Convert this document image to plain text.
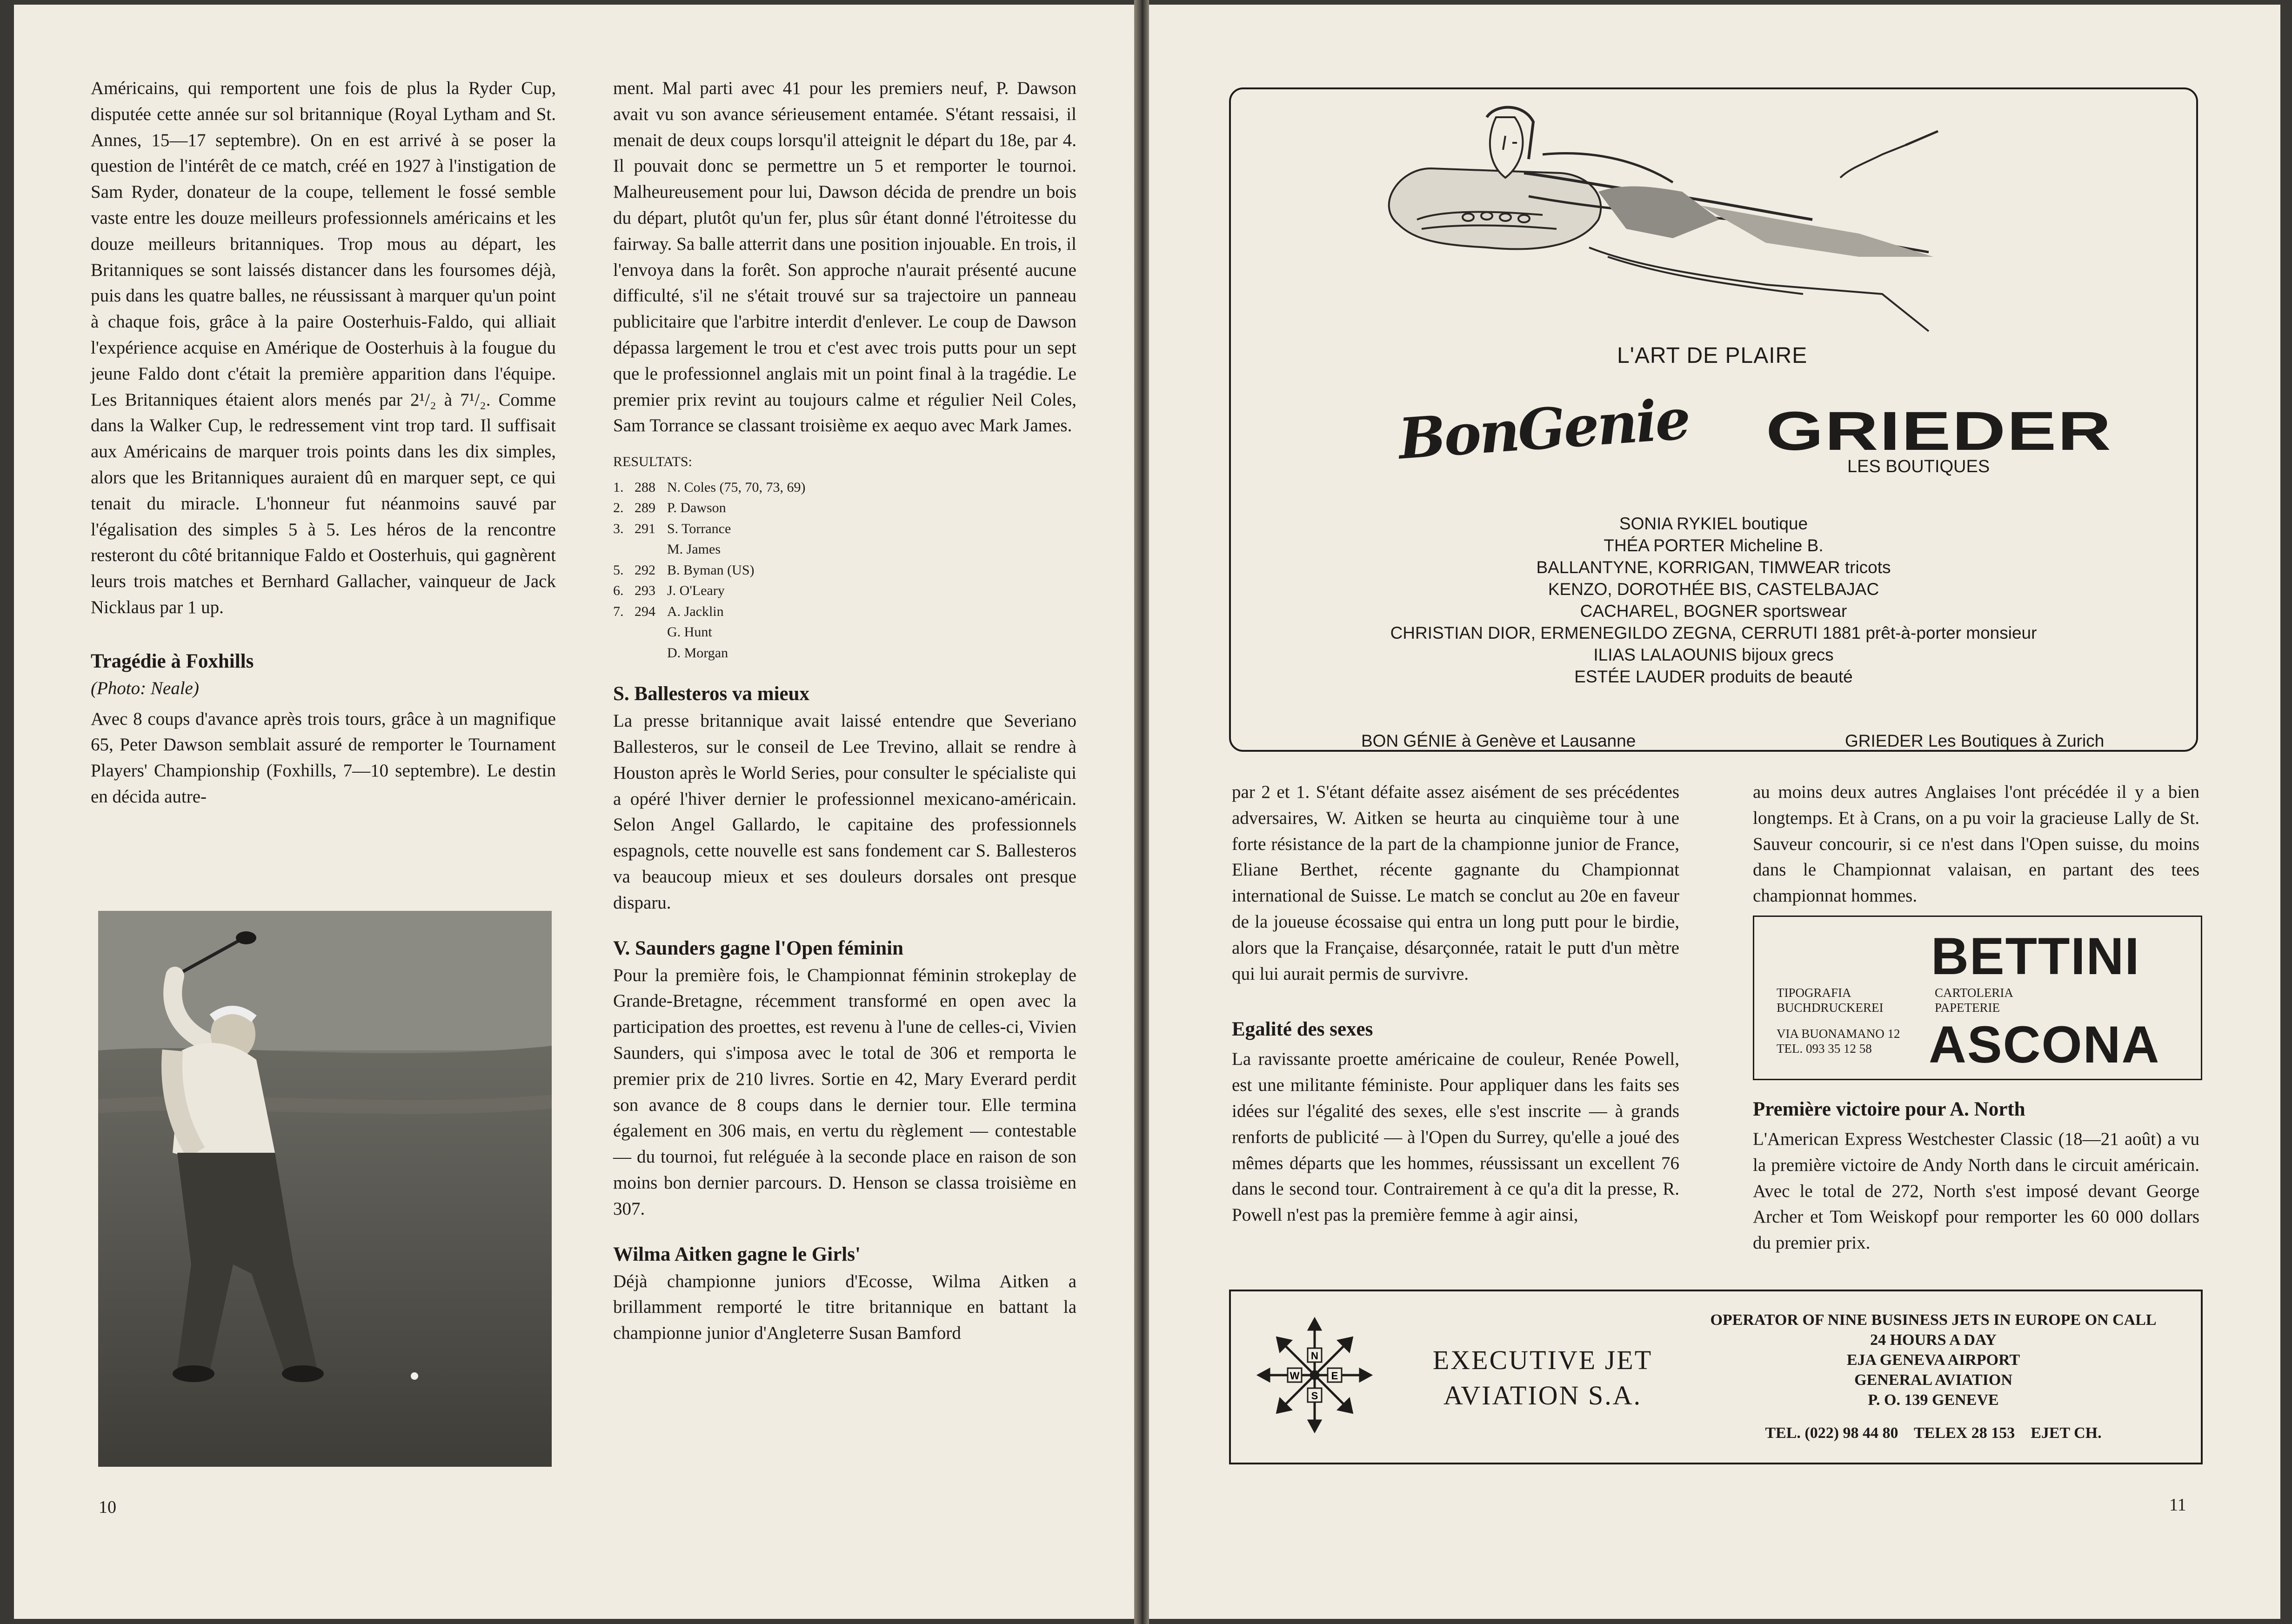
Américains, qui remportent une fois de plus la Ryder Cup, disputée cette année sur sol britannique (Royal Lytham and St. Annes, 15—17 septembre). On en est arrivé à se poser la question de l'intérêt de ce match, créé en 1927 à l'instigation de Sam Ryder, donateur de la coupe, tellement le fossé semble vaste entre les douze meilleurs professionnels américains et les douze meilleurs britanniques. Trop mous au départ, les Britanniques se sont laissés distancer dans les foursomes déjà, puis dans les quatre balles, ne réussissant à marquer qu'un point à chaque fois, grâce à la paire Oosterhuis-Faldo, qui alliait l'expérience acquise en Amérique de Oosterhuis à la fougue du jeune Faldo dont c'était la première apparition dans l'équipe. Les Britanniques étaient alors menés par 2¹/₂ à 7¹/₂. Comme dans la Walker Cup, le redressement vint trop tard. Il suffisait aux Américains de marquer trois points dans les dix simples, alors que les Britanniques auraient dû en marquer sept, ce qui tenait du miracle. L'honneur fut néanmoins sauvé par l'égalisation des simples 5 à 5. Les héros de la rencontre resteront du côté britannique Faldo et Oosterhuis, qui gagnèrent leurs trois matches et Bernhard Gallacher, vainqueur de Jack Nicklaus par 1 up.

Tragédie à Foxhills

(Photo: Neale)

Avec 8 coups d'avance après trois tours, grâce à un magnifique 65, Peter Dawson semblait assuré de remporter le Tournament Players' Championship (Foxhills, 7—10 septembre). Le destin en décida autre-

ment. Mal parti avec 41 pour les premiers neuf, P. Dawson avait vu son avance sérieusement entamée. S'étant ressaisi, il menait de deux coups lorsqu'il atteignit le départ du 18e, par 4. Il pouvait donc se permettre un 5 et remporter le tournoi. Malheureusement pour lui, Dawson décida de prendre un bois du départ, plutôt qu'un fer, plus sûr étant donné l'étroitesse du fairway. Sa balle atterrit dans une position injouable. En trois, il l'envoya dans la forêt. Son approche n'aurait présenté aucune difficulté, s'il ne s'était trouvé sur sa trajectoire un panneau publicitaire que l'arbitre interdit d'enlever. Le coup de Dawson dépassa largement le trou et c'est avec trois putts pour un sept que le professionnel anglais mit un point final à la tragédie. Le premier prix revint au toujours calme et régulier Neil Coles, Sam Torrance se classant troisième ex aequo avec Mark James.

RESULTATS:
1. 288 N. Coles (75, 70, 73, 69)
2. 289 P. Dawson
3. 291 S. Torrance
M. James
5. 292 B. Byman (US)
6. 293 J. O'Leary
7. 294 A. Jacklin
G. Hunt
D. Morgan
S. Ballesteros va mieux

La presse britannique avait laissé entendre que Severiano Ballesteros, sur le conseil de Lee Trevino, allait se rendre à Houston après le World Series, pour consulter le spécialiste qui a opéré l'hiver dernier le professionnel mexicano-américain. Selon Angel Gallardo, le capitaine des professionnels espagnols, cette nouvelle est sans fondement car S. Ballesteros va beaucoup mieux et ses douleurs dorsales ont presque disparu.

V. Saunders gagne l'Open féminin

Pour la première fois, le Championnat féminin strokeplay de Grande-Bretagne, récemment transformé en open avec la participation des proettes, est revenu à l'une de celles-ci, Vivien Saunders, qui s'imposa avec le total de 306 et remporta le premier prix de 210 livres. Sortie en 42, Mary Everard perdit son avance de 8 coups dans le dernier tour. Elle termina également en 306 mais, en vertu du règlement — contestable — du tournoi, fut reléguée à la seconde place en raison de son moins bon dernier parcours. D. Henson se classa troisième en 307.

Wilma Aitken gagne le Girls'

Déjà championne juniors d'Ecosse, Wilma Aitken a brillamment remporté le titre britannique en battant la championne junior d'Angleterre Susan Bamford

10
L'ART DE PLAIRE
BonGenie GRIEDER
LES BOUTIQUES
SONIA RYKIEL boutique
THÉA PORTER Micheline B.
BALLANTYNE, KORRIGAN, TIMWEAR tricots
KENZO, DOROTHÉE BIS, CASTELBAJAC
CACHAREL, BOGNER sportswear
CHRISTIAN DIOR, ERMENEGILDO ZEGNA, CERRUTI 1881 prêt-à-porter monsieur
ILIAS LALAOUNIS bijoux grecs
ESTÉE LAUDER produits de beauté
BON GÉNIE à Genève et Lausanne	GRIEDER Les Boutiques à Zurich

par 2 et 1. S'étant défaite assez aisément de ses précédentes adversaires, W. Aitken se heurta au cinquième tour à une forte résistance de la part de la championne junior de France, Eliane Berthet, récente gagnante du Championnat international de Suisse. Le match se conclut au 20e en faveur de la joueuse écossaise qui entra un long putt pour le birdie, alors que la Française, désarçonnée, ratait le putt d'un mètre qui lui aurait permis de survivre.

Egalité des sexes

La ravissante proette américaine de couleur, Renée Powell, est une militante féministe. Pour appliquer dans les faits ses idées sur l'égalité des sexes, elle s'est inscrite — à grands renforts de publicité — à l'Open du Surrey, qu'elle a joué des mêmes départs que les hommes, réussissant un excellent 76 dans le second tour. Contrairement à ce qu'a dit la presse, R. Powell n'est pas la première femme à agir ainsi,

au moins deux autres Anglaises l'ont précédée il y a bien longtemps. Et à Crans, on a pu voir la gracieuse Lally de St. Sauveur concourir, si ce n'est dans l'Open suisse, du moins dans le Championnat valaisan, en partant des tees championnat hommes.

BETTINI
TIPOGRAFIA
BUCHDRUCKEREI
CARTOLERIA
PAPETERIE
VIA BUONAMANO 12
TEL. 093 35 12 58 ASCONA
Première victoire pour A. North

L'American Express Westchester Classic (18—21 août) a vu la première victoire de Andy North dans le circuit américain. Avec le total de 272, North s'est imposé devant George Archer et Tom Weiskopf pour remporter les 60 000 dollars du premier prix.

N
E
S
W
EXECUTIVE JET
AVIATION S.A.
OPERATOR OF NINE BUSINESS JETS IN EUROPE ON CALL
24 HOURS A DAY
EJA GENEVA AIRPORT
GENERAL AVIATION
P. O. 139 GENEVE
TEL. (022) 98 44 80    TELEX 28 153    EJET CH.
11
